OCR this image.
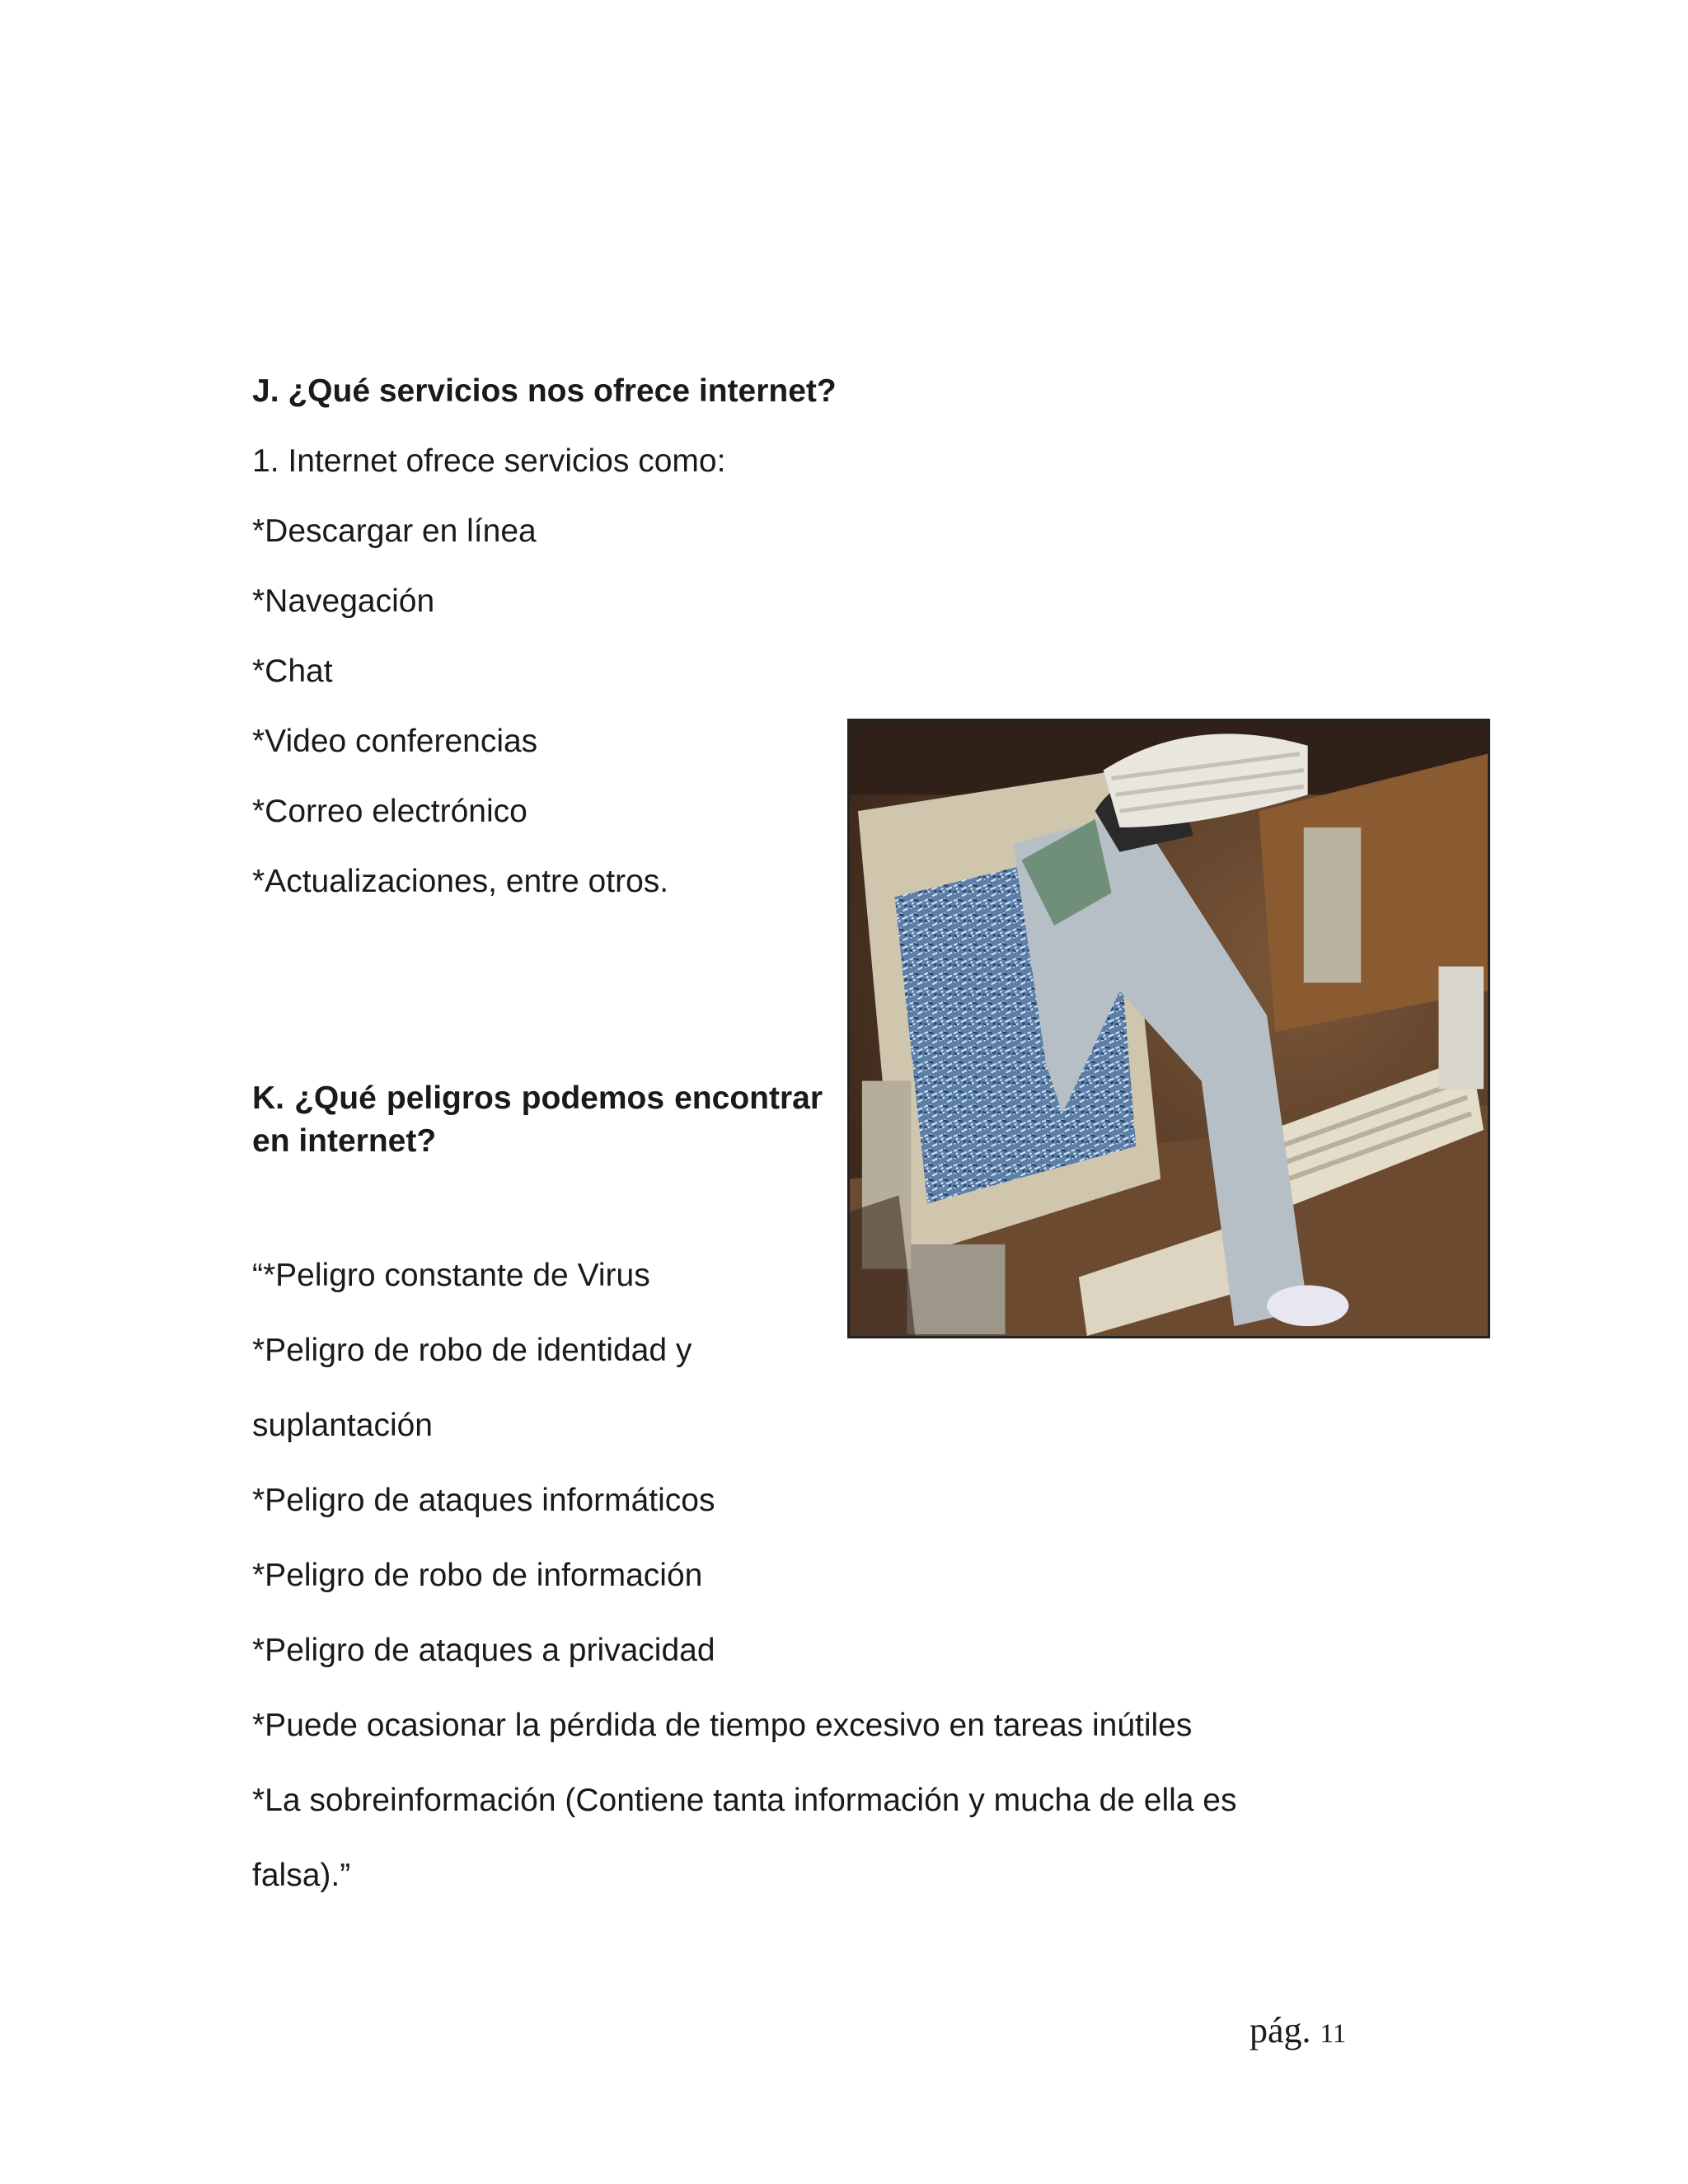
J. ¿Qué servicios nos ofrece internet?
1. Internet ofrece servicios como:
*Descargar en línea
*Navegación
*Chat
*Video conferencias
*Correo electrónico
*Actualizaciones, entre otros.
K. ¿Qué peligros podemos encontrar en internet?
“*Peligro constante de Virus
*Peligro de robo de identidad y
suplantación
*Peligro de ataques informáticos
*Peligro de robo de información
*Peligro de ataques a privacidad
*Puede ocasionar la pérdida de tiempo excesivo en tareas inútiles
*La sobreinformación (Contiene tanta información y mucha de ella es
falsa).”
pág. 11
